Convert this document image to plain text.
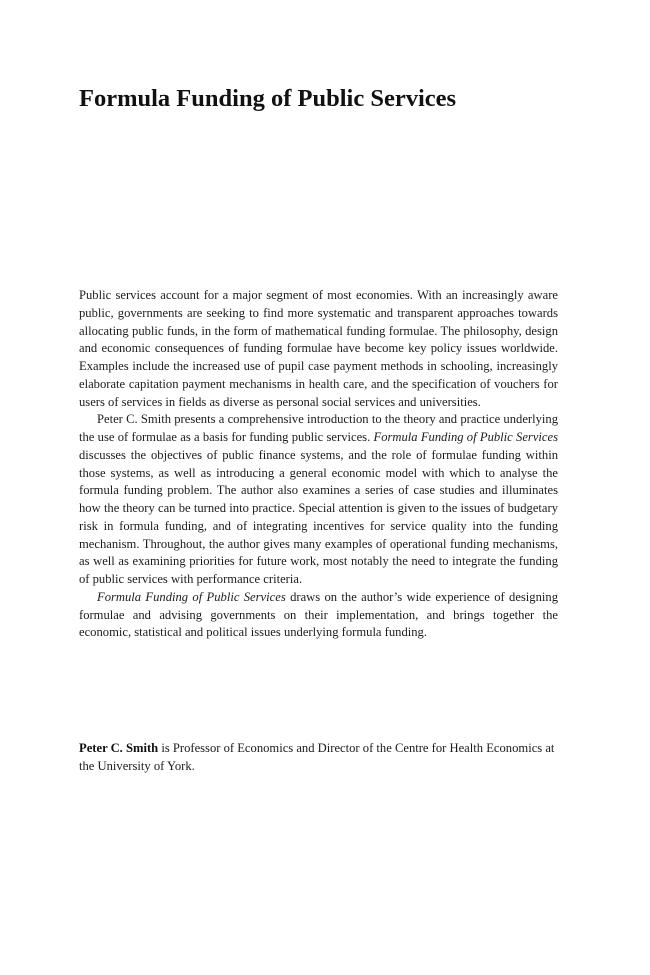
Formula Funding of Public Services

Public services account for a major segment of most economies. With an increasingly aware public, governments are seeking to find more systematic and transparent approaches towards allocating public funds, in the form of mathematical funding formulae. The philosophy, design and economic consequences of funding formulae have become key policy issues worldwide. Examples include the increased use of pupil case payment methods in schooling, increasingly elaborate capitation payment mechanisms in health care, and the specification of vouchers for users of services in fields as diverse as personal social services and universities.

Peter C. Smith presents a comprehensive introduction to the theory and practice underlying the use of formulae as a basis for funding public services. Formula Funding of Public Services discusses the objectives of public finance systems, and the role of formulae funding within those systems, as well as introducing a general economic model with which to analyse the formula funding problem. The author also examines a series of case studies and illuminates how the theory can be turned into practice. Special attention is given to the issues of budgetary risk in formula funding, and of integrating incentives for service quality into the funding mechanism. Throughout, the author gives many examples of operational funding mechanisms, as well as examining priorities for future work, most notably the need to integrate the funding of public services with performance criteria.

Formula Funding of Public Services draws on the author’s wide experience of designing formulae and advising governments on their implementation, and brings together the economic, statistical and political issues underlying formula funding.

Peter C. Smith is Professor of Economics and Director of the Centre for Health Economics at the University of York.
